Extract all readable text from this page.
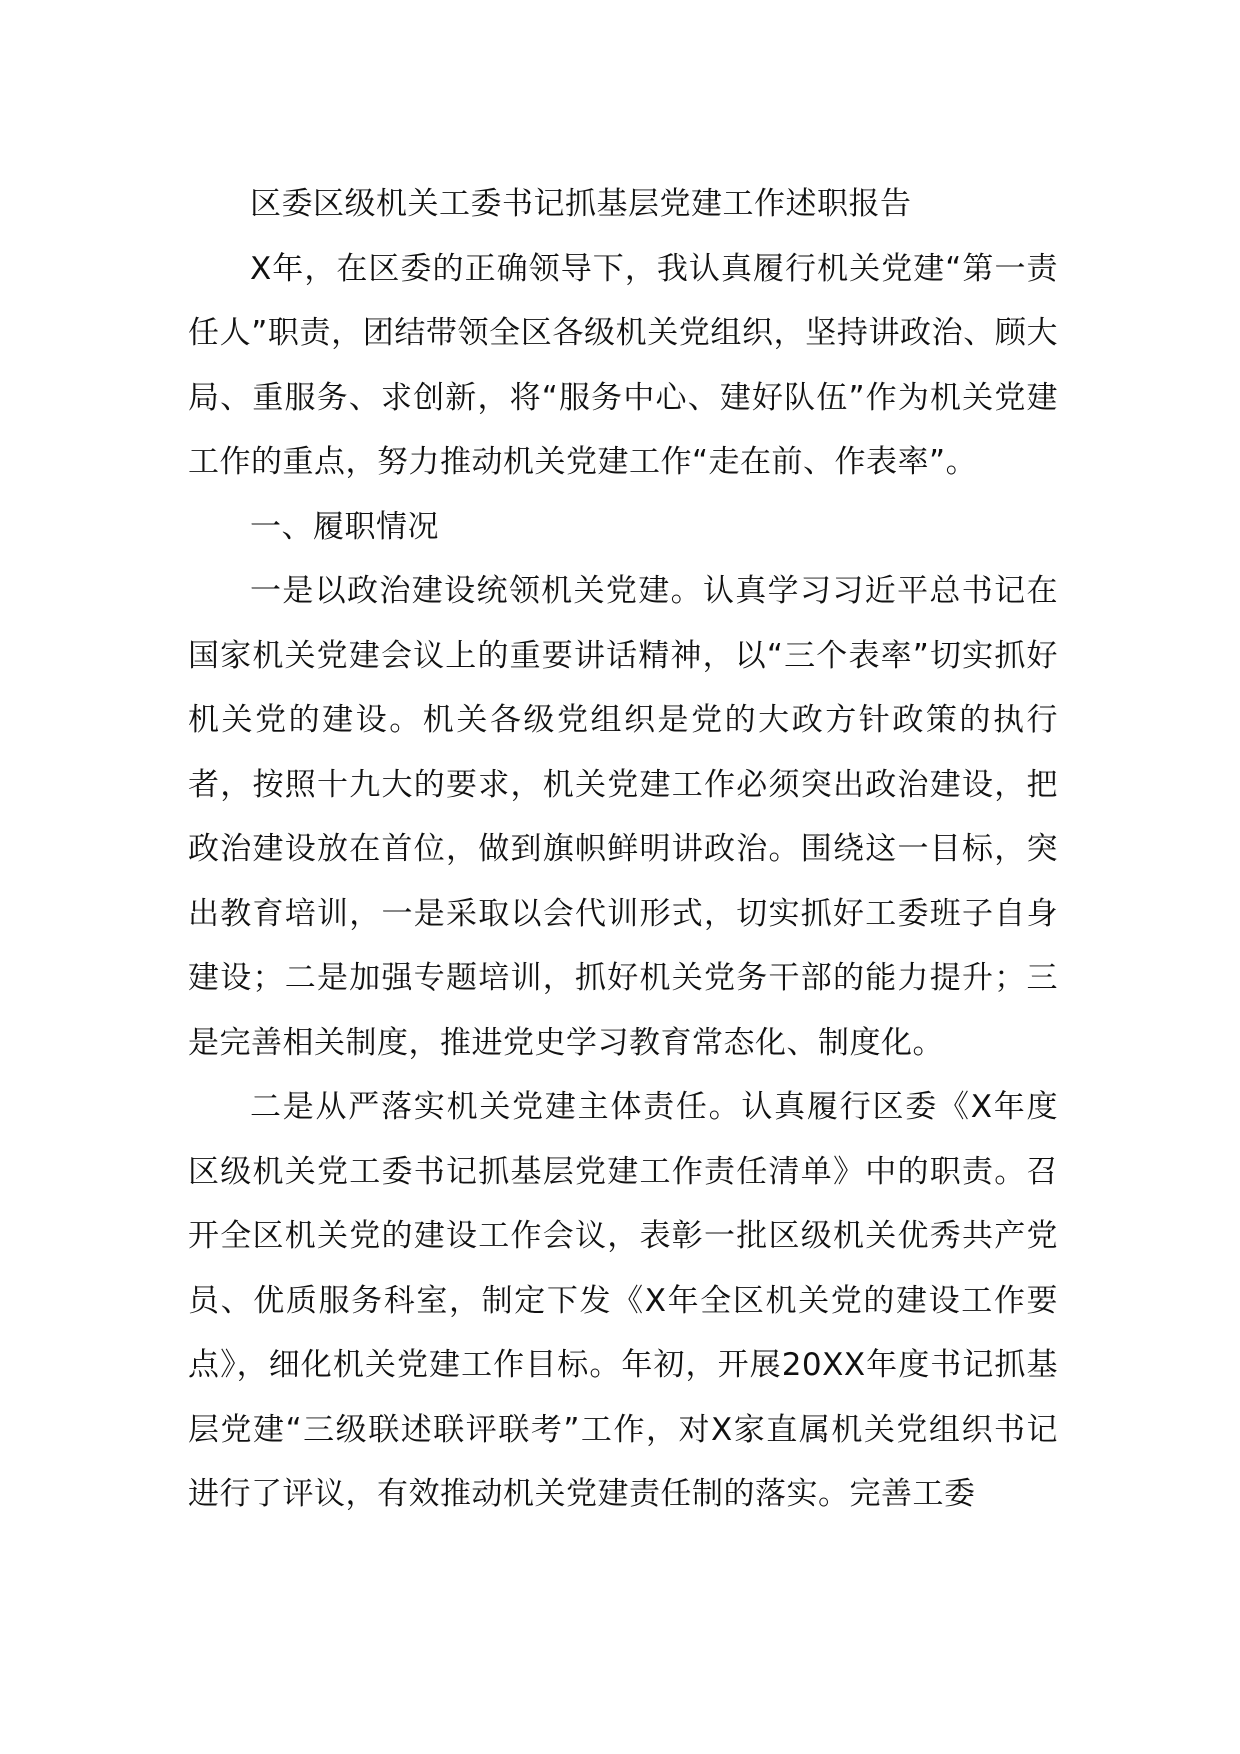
区委区级机关工委书记抓基层党建工作述职报告

X年，在区委的正确领导下，我认真履行机关党建“第一责任人”职责，团结带领全区各级机关党组织，坚持讲政治、顾大局、重服务、求创新，将“服务中心、建好队伍”作为机关党建工作的重点，努力推动机关党建工作“走在前、作表率”。

一、履职情况

一是以政治建设统领机关党建。认真学习习近平总书记在国家机关党建会议上的重要讲话精神，以“三个表率”切实抓好机关党的建设。机关各级党组织是党的大政方针政策的执行者，按照十九大的要求，机关党建工作必须突出政治建设，把政治建设放在首位，做到旗帜鲜明讲政治。围绕这一目标，突出教育培训，一是采取以会代训形式，切实抓好工委班子自身建设；二是加强专题培训，抓好机关党务干部的能力提升；三是完善相关制度，推进党史学习教育常态化、制度化。

二是从严落实机关党建主体责任。认真履行区委《X年度区级机关党工委书记抓基层党建工作责任清单》中的职责。召开全区机关党的建设工作会议，表彰一批区级机关优秀共产党员、优质服务科室，制定下发《X年全区机关党的建设工作要点》，细化机关党建工作目标。年初，开展20XX年度书记抓基层党建“三级联述联评联考”工作，对X家直属机关党组织书记进行了评议，有效推动机关党建责任制的落实。完善工委
